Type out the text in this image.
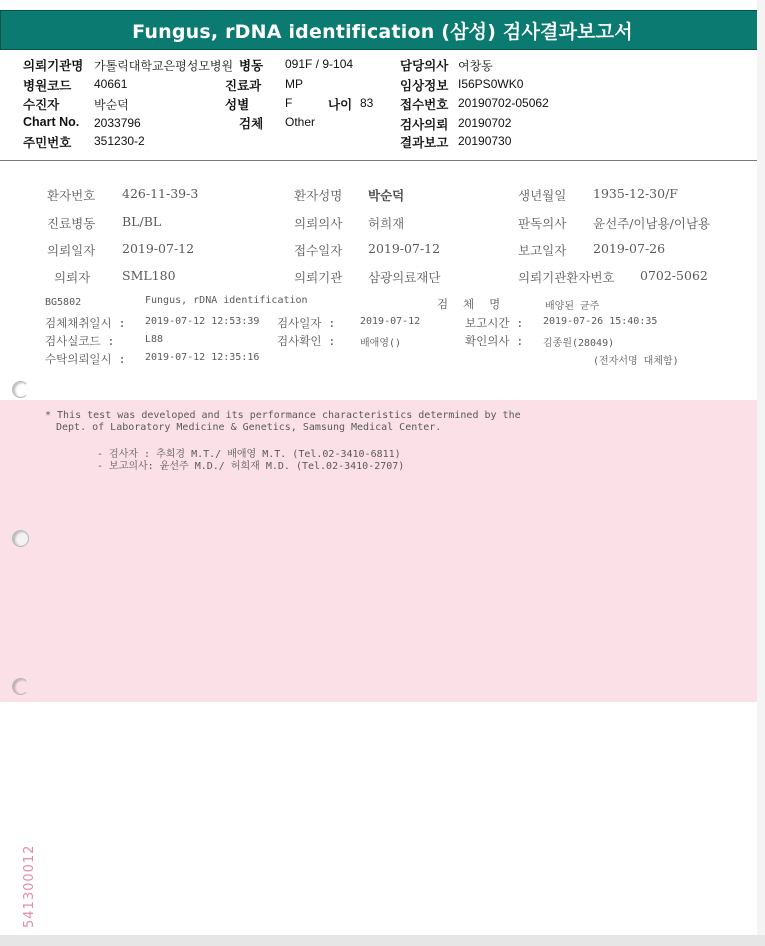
Fungus, rDNA identification (삼성) 검사결과보고서
의뢰기관명 가톨릭대학교은평성모병원 병동 091F / 9-104	담당의사 여창동
병원코드 40661	진료과 MP	임상정보 I56PS0WK0
수진자	박순덕	성별	F	나이 83 접수번호 20190702-05062
Chart No. 2033796	검체 Other	검사의뢰 20190702
주민번호 351230-2	결과보고 20190730
환자번호 426-11-39-3	환자성명 박순덕	생년월일 1935-12-30/F
진료병동 BL/BL	의뢰의사 허희재	판독의사 윤선주/이남용/이남용
의뢰일자 2019-07-12	접수일자 2019-07-12	보고일자 2019-07-26
의뢰자	SML180	의뢰기관 삼광의료재단	의뢰기관환자번호 0702-5062
BG5802	Fungus, rDNA identification	검 체 명	배양된 균주
검체채취일시 : 2019-07-12 12:53:39 검사일자 : 2019-07-12	보고시간 : 2019-07-26 15:40:35
검사실코드 :	L88	검사확인 : 배애영()	확인의사 : 김종원(28049)
수탁의뢰일시 : 2019-07-12 12:35:16	(전자서명 대체함)
* This test was developed and its performance characteristics determined by the
Dept. of Laboratory Medicine & Genetics, Samsung Medical Center.
- 검사자 : 추희경 M.T./ 배애영 M.T. (Tel.02-3410-6811)
- 보고의사: 윤선주 M.D./ 허희재 M.D. (Tel.02-3410-2707)
541300012
